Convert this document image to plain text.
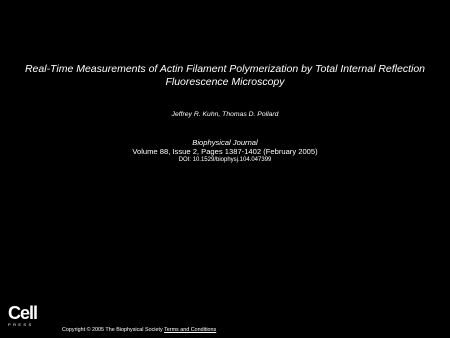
Real-Time Measurements of Actin Filament Polymerization by Total Internal Reflection
Fluorescence Microscopy
Jeffrey R. Kuhn, Thomas D. Pollard
Biophysical Journal
Volume 88, Issue 2, Pages 1387-1402 (February 2005)
DOI: 10.1529/biophysj.104.047399
Cell
PRESS
Copyright © 2005 The Biophysical Society Terms and Conditions
